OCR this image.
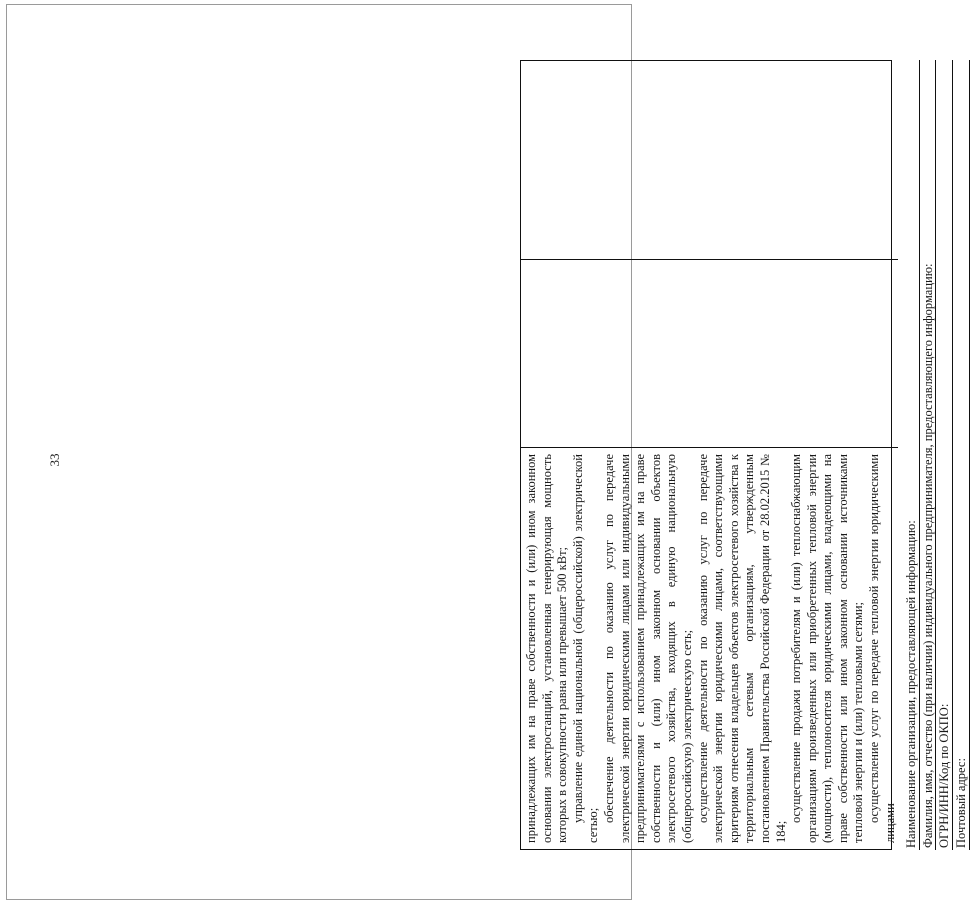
33	принадлежащих им на праве собственности и (или) ином законном основании электростанций, установленная генерирующая мощность которых в совокупности равна или превышает 500 кВт; управление единой национальной (общероссийской) электрической сетью;

обеспечение деятельности по оказанию услуг по передаче электрической энергии юридическими лицами или индивидуальными предпринимателями с использованием принадлежащих им на праве собственности и (или) ином законном основании объектов электросетевого хозяйства, входящих в единую национальную (общероссийскую) электрическую сеть; осуществление деятельности по оказанию услуг по передаче электрической энергии юридическими лицами, соответствующими критериям отнесения владельцев объектов электросетевого хозяйства к территориальным сетевым организациям, утвержденным постановлением Правительства Российской Федерации от 28.02.2015 № 184;

осуществление продажи потребителям и (или) теплоснабжающим организациям произведенных или приобретенных тепловой энергии (мощности), теплоносителя юридическими лицами, владеющими на праве собственности или ином законном основании источниками тепловой энергии и (или) тепловыми сетями; осуществление услуг по передаче тепловой энергии юридическими лицами Наименование организации, предоставляющей информацию: Фамилия, имя, отчество (при наличии) индивидуального предпринимателя, предоставляющего информацию: ОГРН/ИНН/Код по ОКПО: Почтовый адрес:
